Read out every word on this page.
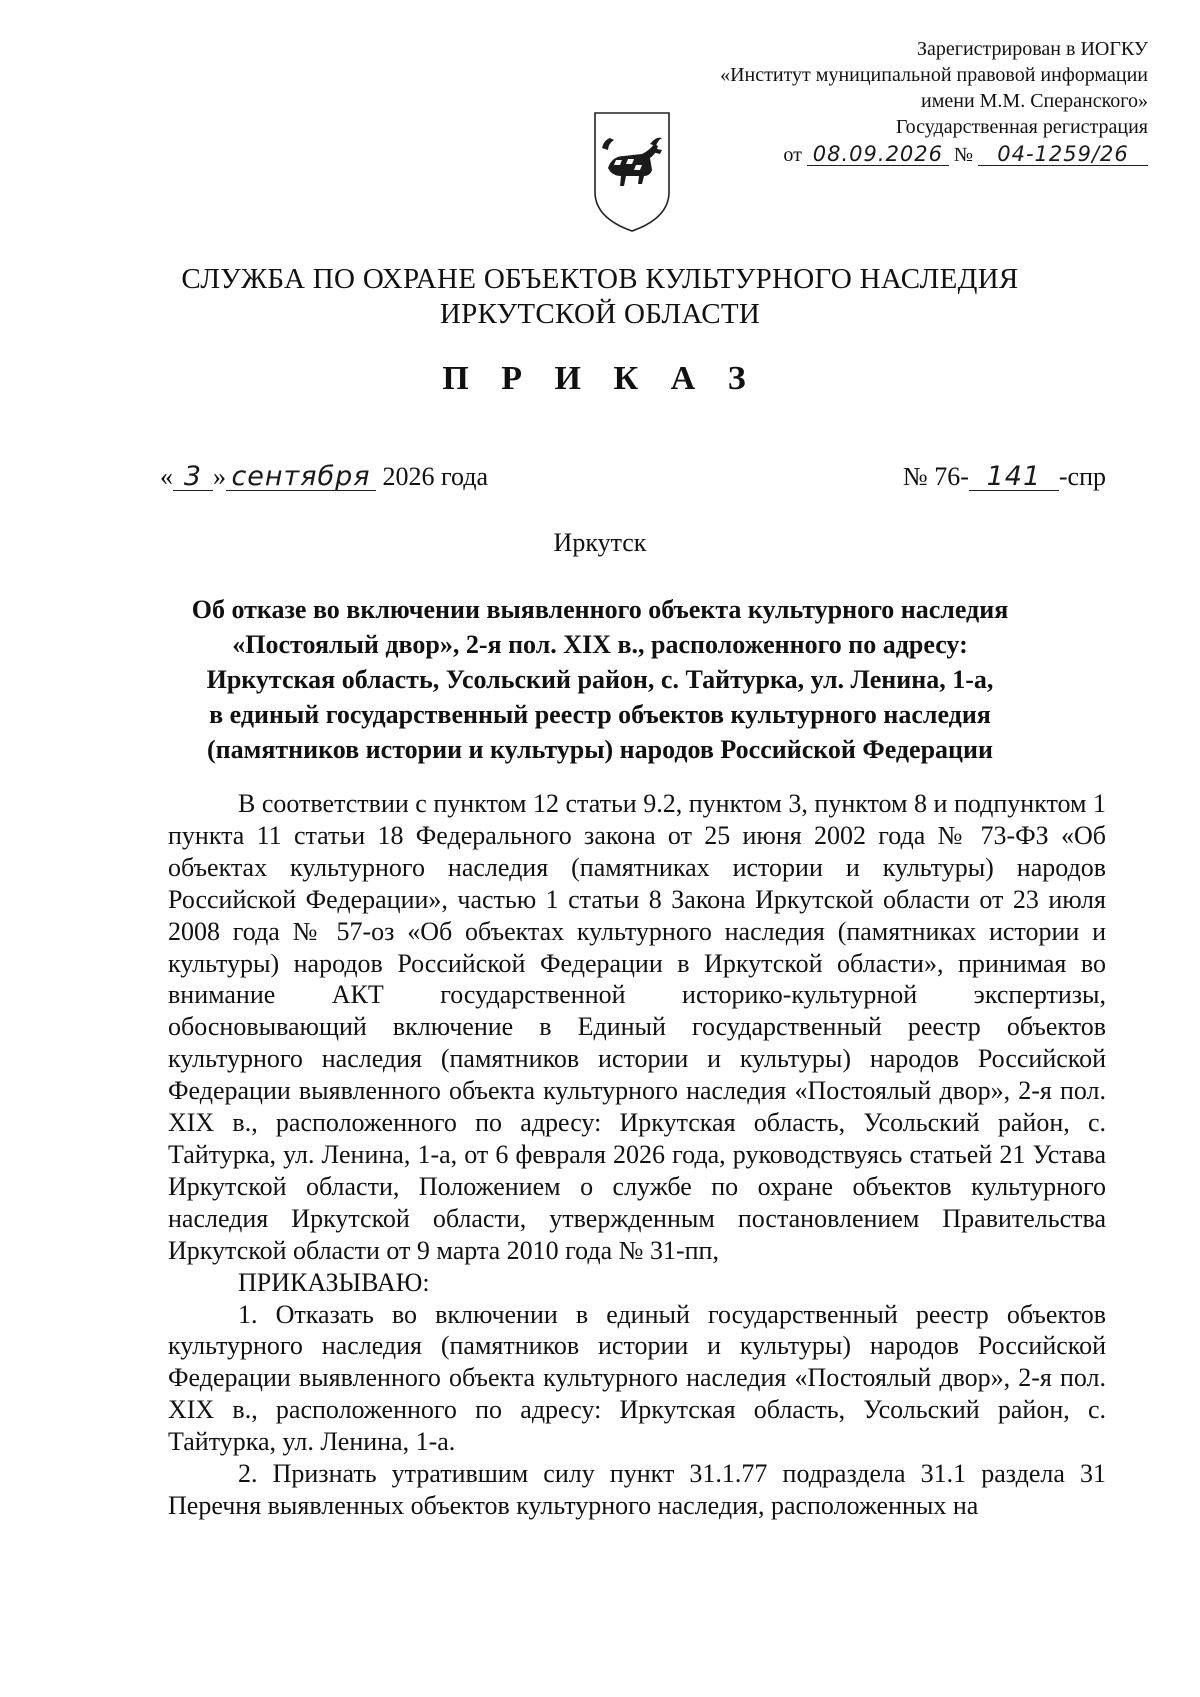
Зарегистрирован в ИОГКУ
«Институт муниципальной правовой информации
имени М.М. Сперанского»
Государственная регистрация
от 08.09.2026 № 04-1259/26
СЛУЖБА ПО ОХРАНЕ ОБЪЕКТОВ КУЛЬТУРНОГО НАСЛЕДИЯ
ИРКУТСКОЙ ОБЛАСТИ
П Р И К А З
« 3 » сентября 2026 года	№ 76- 141 -спр
Иркутск
Об отказе во включении выявленного объекта культурного наследия
«Постоялый двор», 2-я пол. XIX в., расположенного по адресу:
Иркутская область, Усольский район, с. Тайтурка, ул. Ленина, 1-а,
в единый государственный реестр объектов культурного наследия
(памятников истории и культуры) народов Российской Федерации

В соответствии с пунктом 12 статьи 9.2, пунктом 3, пунктом 8 и подпунктом 1 пункта 11 статьи 18 Федерального закона от 25 июня 2002 года № 73-ФЗ «Об объектах культурного наследия (памятниках истории и культуры) народов Российской Федерации», частью 1 статьи 8 Закона Иркутской области от 23 июля 2008 года № 57-оз «Об объектах культурного наследия (памятниках истории и культуры) народов Российской Федерации в Иркутской области», принимая во внимание АКТ государственной историко-культурной экспертизы, обосновывающий включение в Единый государственный реестр объектов культурного наследия (памятников истории и культуры) народов Российской Федерации выявленного объекта культурного наследия «Постоялый двор», 2-я пол. XIX в., расположенного по адресу: Иркутская область, Усольский район, с. Тайтурка, ул. Ленина, 1-а, от 6 февраля 2026 года, руководствуясь статьей 21 Устава Иркутской области, Положением о службе по охране объектов культурного наследия Иркутской области, утвержденным постановлением Правительства Иркутской области от 9 марта 2010 года № 31-пп,

ПРИКАЗЫВАЮ:

1. Отказать во включении в единый государственный реестр объектов культурного наследия (памятников истории и культуры) народов Российской Федерации выявленного объекта культурного наследия «Постоялый двор», 2-я пол. XIX в., расположенного по адресу: Иркутская область, Усольский район, с. Тайтурка, ул. Ленина, 1-а.

2. Признать утратившим силу пункт 31.1.77 подраздела 31.1 раздела 31 Перечня выявленных объектов культурного наследия, расположенных на
